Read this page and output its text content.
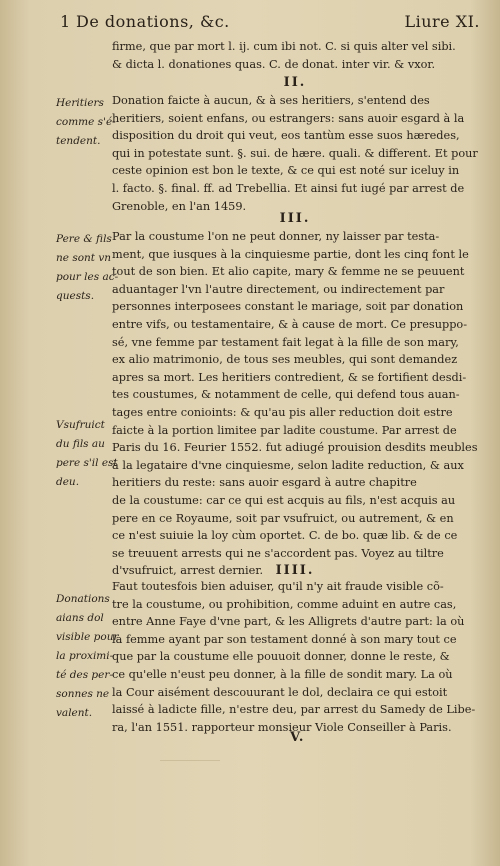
1 De donations, &c.	Liure XI.
firme, que par mort l. ij. cum ibi not. C. si quis alter vel sibi.
& dicta l. donationes quas. C. de donat. inter vir. & vxor.
II.
Heritiers
comme s'é-
tendent.
Donation faicte à aucun, & à ses heritiers, s'entend des
heritiers, soient enfans, ou estrangers: sans auoir esgard à la
disposition du droit qui veut, eos tantùm esse suos hæredes,
qui in potestate sunt. §. sui. de hære. quali. & different. Et pour
ceste opinion est bon le texte, & ce qui est noté sur iceluy in
l. facto. §. final. ff. ad Trebellia. Et ainsi fut iugé par arrest de
Grenoble, en l'an 1459.
III.
Pere & fils
ne sont vn
pour les ac-
quests.
Vsufruict
du fils au
pere s'il est
deu.
Par la coustume l'on ne peut donner, ny laisser par testa-
ment, que iusques à la cinquiesme partie, dont les cinq font le
tout de son bien. Et alio capite, mary & femme ne se peuuent
aduantager l'vn l'autre directement, ou indirectement par
personnes interposees constant le mariage, soit par donation
entre vifs, ou testamentaire, & à cause de mort. Ce presuppo-
sé, vne femme par testament fait legat à la fille de son mary,
ex alio matrimonio, de tous ses meubles, qui sont demandez
apres sa mort. Les heritiers contredient, & se fortifient desdi-
tes coustumes, & notamment de celle, qui defend tous auan-
tages entre conioints: & qu'au pis aller reduction doit estre
faicte à la portion limitee par ladite coustume. Par arrest de
Paris du 16. Feurier 1552. fut adiugé prouision desdits meubles
à la legataire d'vne cinquiesme, selon ladite reduction, & aux
heritiers du reste: sans auoir esgard à autre chapitre
de la coustume: car ce qui est acquis au fils, n'est acquis au
pere en ce Royaume, soit par vsufruict, ou autrement, & en
ce n'est suiuie la loy cùm oportet. C. de bo. quæ lib. & de ce
se treuuent arrests qui ne s'accordent pas. Voyez au tiltre
d'vsufruict, arrest dernier. IIII.
Donations
aians dol
visible pour
la proximi-
té des per-
sonnes ne
valent.
Faut toutesfois bien aduiser, qu'il n'y ait fraude visible cõ-
tre la coustume, ou prohibition, comme aduint en autre cas,
entre Anne Faye d'vne part, & les Alligrets d'autre part: la où
la femme ayant par son testament donné à son mary tout ce
que par la coustume elle pouuoit donner, donne le reste, &
ce qu'elle n'eust peu donner, à la fille de sondit mary. La où
la Cour aisément descouurant le dol, declaira ce qui estoit
laissé à ladicte fille, n'estre deu, par arrest du Samedy de Libe-
ra, l'an 1551. rapporteur monsieur Viole Conseiller à Paris.
V.
